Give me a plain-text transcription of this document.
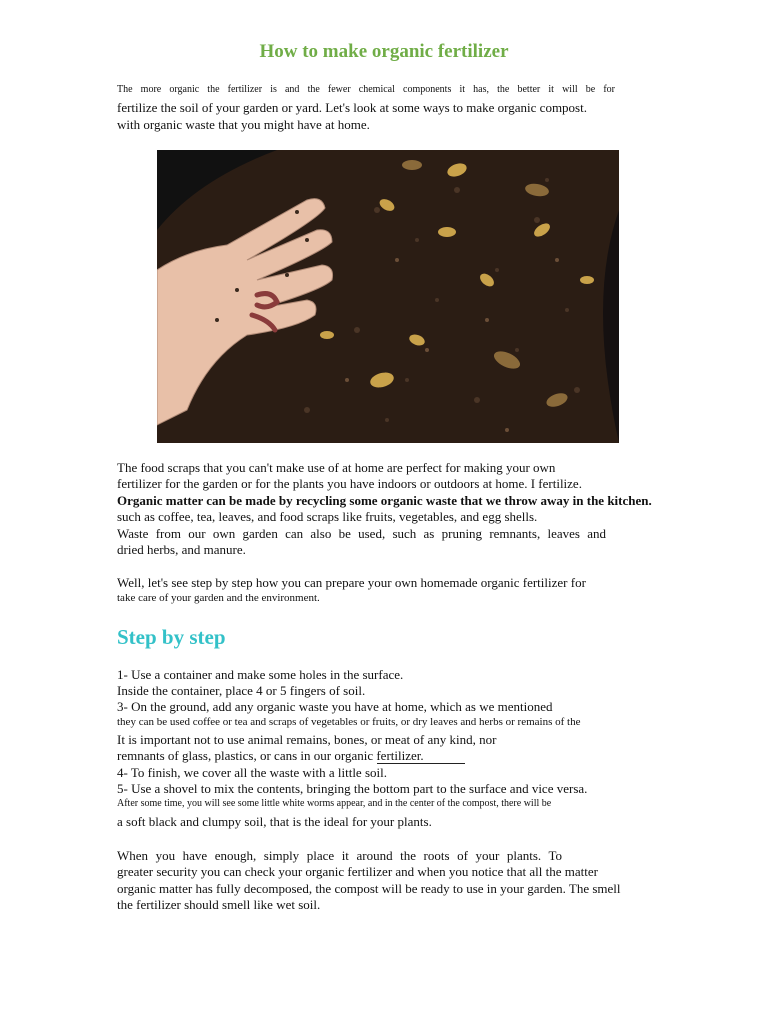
How to make organic fertilizer
The more organic the fertilizer is and the fewer chemical components it has, the better it will be for
fertilize the soil of your garden or yard. Let's look at some ways to make organic compost.
with organic waste that you might have at home.
The food scraps that you can't make use of at home are perfect for making your own
fertilizer for the garden or for the plants you have indoors or outdoors at home. I fertilize.
Organic matter can be made by recycling some organic waste that we throw away in the kitchen.
such as coffee, tea, leaves, and food scraps like fruits, vegetables, and egg shells.
Waste from our own garden can also be used, such as pruning remnants, leaves and
dried herbs, and manure.
Well, let's see step by step how you can prepare your own homemade organic fertilizer for
take care of your garden and the environment.
Step by step
1- Use a container and make some holes in the surface.
Inside the container, place 4 or 5 fingers of soil.
3- On the ground, add any organic waste you have at home, which as we mentioned
they can be used coffee or tea and scraps of vegetables or fruits, or dry leaves and herbs or remains of the
It is important not to use animal remains, bones, or meat of any kind, nor
remnants of glass, plastics, or cans in our organic fertilizer.
4- To finish, we cover all the waste with a little soil.
5- Use a shovel to mix the contents, bringing the bottom part to the surface and vice versa.
After some time, you will see some little white worms appear, and in the center of the compost, there will be
a soft black and clumpy soil, that is the ideal for your plants.
When you have enough, simply place it around the roots of your plants. To
greater security you can check your organic fertilizer and when you notice that all the matter
organic matter has fully decomposed, the compost will be ready to use in your garden. The smell
the fertilizer should smell like wet soil.
